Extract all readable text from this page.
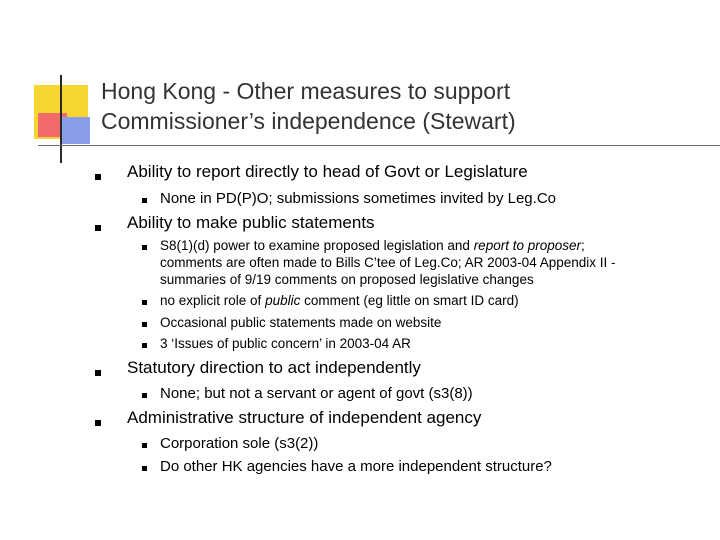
Hong Kong - Other measures to support
Commissioner’s independence (Stewart)
Ability to report directly to head of Govt or Legislature
None in PD(P)O; submissions sometimes invited by Leg.Co
Ability to make public statements
S8(1)(d) power to examine proposed legislation and report to proposer;
comments are often made to Bills C’tee of Leg.Co; AR 2003-04 Appendix II -
summaries of 9/19 comments on proposed legislative changes
no explicit role of public comment (eg little on smart ID card)
Occasional public statements made on website
3 ‘Issues of public concern’ in 2003-04 AR
Statutory direction to act independently
None; but not a servant or agent of govt (s3(8))
Administrative structure of independent agency
Corporation sole (s3(2))
Do other HK agencies have a more independent structure?
